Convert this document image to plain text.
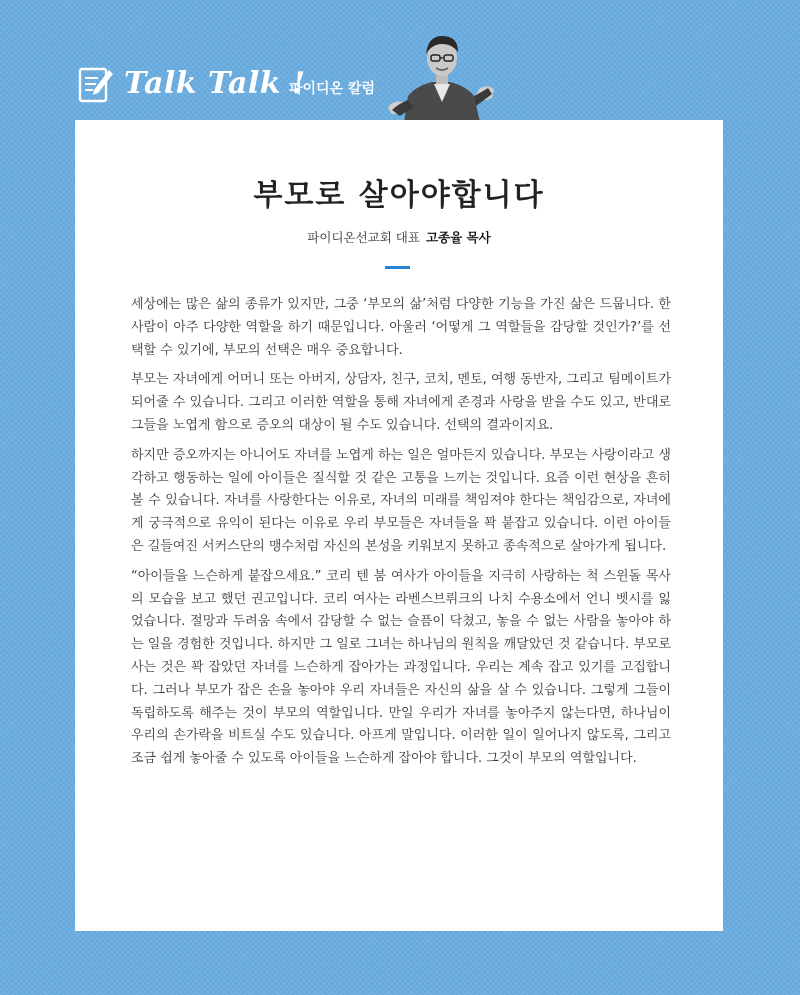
Talk Talk !
파이디온 칼럼
부모로 살아야합니다
파이디온선교회 대표 고종율 목사

세상에는 많은 삶의 종류가 있지만, 그중 ‘부모의 삶’처럼 다양한 기능을 가진 삶은 드뭅니다. 한 사람이 아주 다양한 역할을 하기 때문입니다. 아울러 ‘어떻게 그 역할들을 감당할 것인가?’를 선택할 수 있기에, 부모의 선택은 매우 중요합니다.

부모는 자녀에게 어머니 또는 아버지, 상담자, 친구, 코치, 멘토, 여행 동반자, 그리고 팀메이트가 되어줄 수 있습니다. 그리고 이러한 역할을 통해 자녀에게 존경과 사랑을 받을 수도 있고, 반대로 그들을 노엽게 함으로 증오의 대상이 될 수도 있습니다. 선택의 결과이지요.

하지만 증오까지는 아니어도 자녀를 노엽게 하는 일은 얼마든지 있습니다. 부모는 사랑이라고 생각하고 행동하는 일에 아이들은 질식할 것 같은 고통을 느끼는 것입니다. 요즘 이런 현상을 흔히 볼 수 있습니다. 자녀를 사랑한다는 이유로, 자녀의 미래를 책임져야 한다는 책임감으로, 자녀에게 궁극적으로 유익이 된다는 이유로 우리 부모들은 자녀들을 꽉 붙잡고 있습니다. 이런 아이들은 길들여진 서커스단의 맹수처럼 자신의 본성을 키워보지 못하고 종속적으로 살아가게 됩니다.

“아이들을 느슨하게 붙잡으세요.” 코리 텐 붐 여사가 아이들을 지극히 사랑하는 척 스윈돌 목사의 모습을 보고 했던 권고입니다. 코리 여사는 라벤스브뤼크의 나치 수용소에서 언니 벳시를 잃었습니다. 절망과 두려움 속에서 감당할 수 없는 슬픔이 닥쳤고, 놓을 수 없는 사람을 놓아야 하는 일을 경험한 것입니다. 하지만 그 일로 그녀는 하나님의 원칙을 깨달았던 것 같습니다. 부모로 사는 것은 꽉 잡았던 자녀를 느슨하게 잡아가는 과정입니다. 우리는 계속 잡고 있기를 고집합니다. 그러나 부모가 잡은 손을 놓아야 우리 자녀들은 자신의 삶을 살 수 있습니다. 그렇게 그들이 독립하도록 해주는 것이 부모의 역할입니다. 만일 우리가 자녀를 놓아주지 않는다면, 하나님이 우리의 손가락을 비트실 수도 있습니다. 아프게 말입니다. 이러한 일이 일어나지 않도록, 그리고 조금 쉽게 놓아줄 수 있도록 아이들을 느슨하게 잡아야 합니다. 그것이 부모의 역할입니다.
